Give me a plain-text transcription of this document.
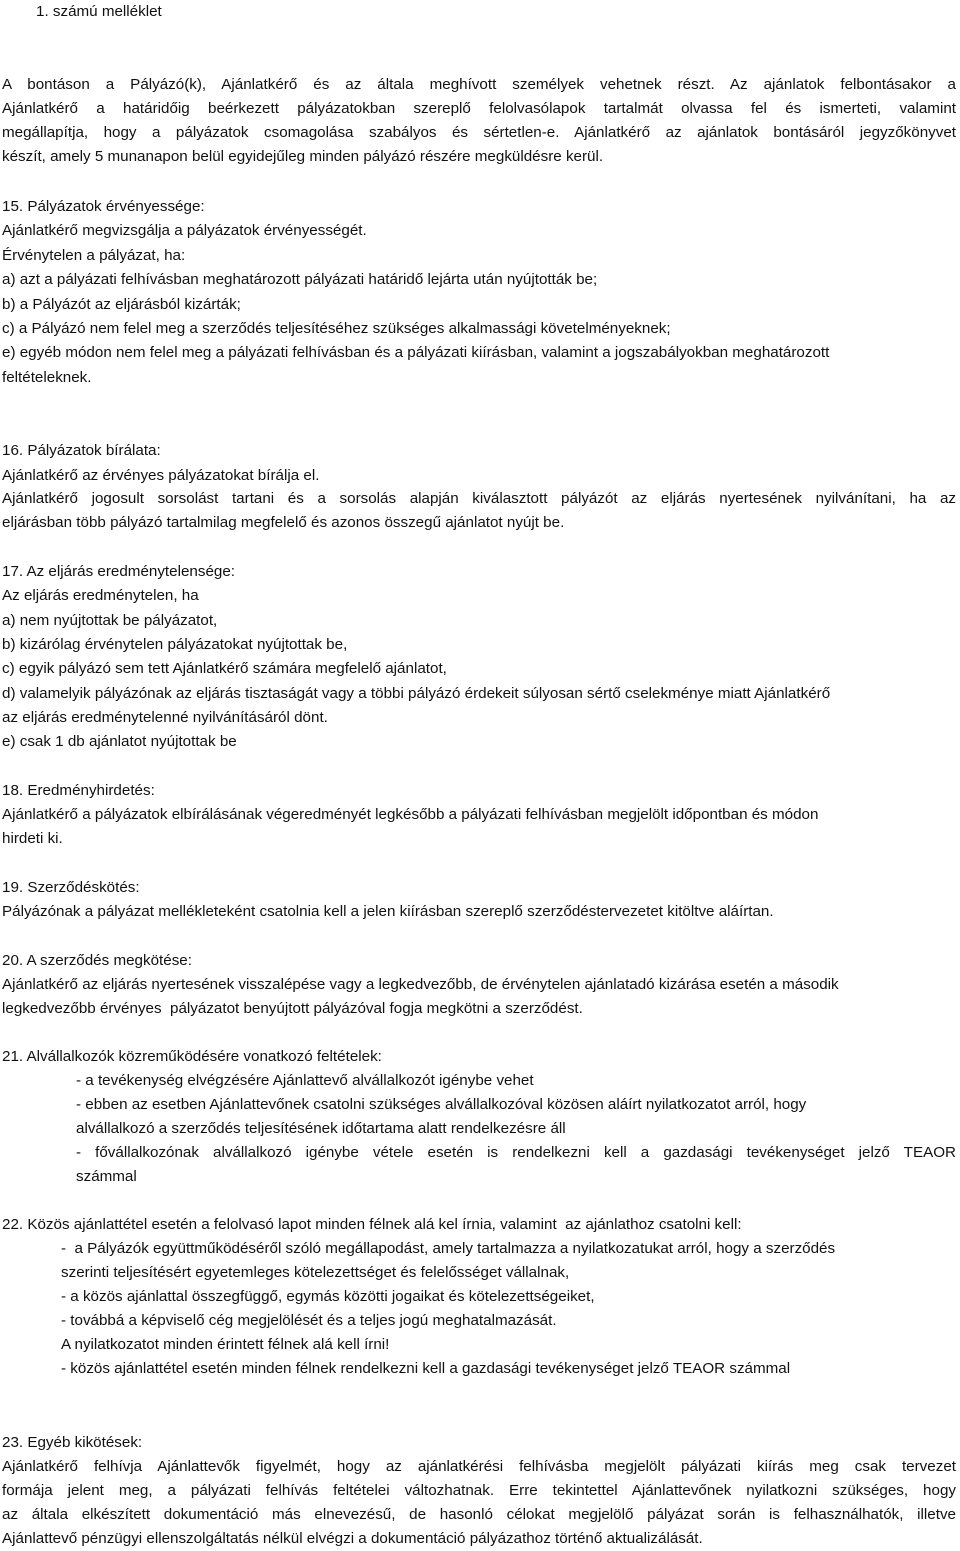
1. számú melléklet
A bontáson a Pályázó(k), Ajánlatkérő és az általa meghívott személyek vehetnek részt. Az ajánlatok felbontásakor a
Ajánlatkérő a határidőig beérkezett pályázatokban szereplő felolvasólapok tartalmát olvassa fel és ismerteti, valamint
megállapítja, hogy a pályázatok csomagolása szabályos és sértetlen-e. Ajánlatkérő az ajánlatok bontásáról jegyzőkönyvet
készít, amely 5 munanapon belül egyidejűleg minden pályázó részére megküldésre kerül.
15. Pályázatok érvényessége:
Ajánlatkérő megvizsgálja a pályázatok érvényességét.
Érvénytelen a pályázat, ha:
a) azt a pályázati felhívásban meghatározott pályázati határidő lejárta után nyújtották be;
b) a Pályázót az eljárásból kizárták;
c) a Pályázó nem felel meg a szerződés teljesítéséhez szükséges alkalmassági követelményeknek;
e) egyéb módon nem felel meg a pályázati felhívásban és a pályázati kiírásban, valamint a jogszabályokban meghatározott
feltételeknek.
16. Pályázatok bírálata:
Ajánlatkérő az érvényes pályázatokat bírálja el.
Ajánlatkérő jogosult sorsolást tartani és a sorsolás alapján kiválasztott pályázót az eljárás nyertesének nyilvánítani, ha az
eljárásban több pályázó tartalmilag megfelelő és azonos összegű ajánlatot nyújt be.
17. Az eljárás eredménytelensége:
Az eljárás eredménytelen, ha
a) nem nyújtottak be pályázatot,
b) kizárólag érvénytelen pályázatokat nyújtottak be,
c) egyik pályázó sem tett Ajánlatkérő számára megfelelő ajánlatot,
d) valamelyik pályázónak az eljárás tisztaságát vagy a többi pályázó érdekeit súlyosan sértő cselekménye miatt Ajánlatkérő
az eljárás eredménytelenné nyilvánításáról dönt.
e) csak 1 db ajánlatot nyújtottak be
18. Eredményhirdetés:
Ajánlatkérő a pályázatok elbírálásának végeredményét legkésőbb a pályázati felhívásban megjelölt időpontban és módon
hirdeti ki.
19. Szerződéskötés:
Pályázónak a pályázat mellékleteként csatolnia kell a jelen kiírásban szereplő szerződéstervezetet kitöltve aláírtan.
20. A szerződés megkötése:
Ajánlatkérő az eljárás nyertesének visszalépése vagy a legkedvezőbb, de érvénytelen ajánlatadó kizárása esetén a második
legkedvezőbb érvényes  pályázatot benyújtott pályázóval fogja megkötni a szerződést.
21. Alvállalkozók közreműködésére vonatkozó feltételek:
- a tevékenység elvégzésére Ajánlattevő alvállalkozót igénybe vehet
- ebben az esetben Ajánlattevőnek csatolni szükséges alvállalkozóval közösen aláírt nyilatkozatot arról, hogy
alvállalkozó a szerződés teljesítésének időtartama alatt rendelkezésre áll
- fővállalkozónak alvállalkozó igénybe vétele esetén is rendelkezni kell a gazdasági tevékenységet jelző TEAOR
számmal
22. Közös ajánlattétel esetén a felolvasó lapot minden félnek alá kel írnia, valamint  az ajánlathoz csatolni kell:
-  a Pályázók együttműködéséről szóló megállapodást, amely tartalmazza a nyilatkozatukat arról, hogy a szerződés
szerinti teljesítésért egyetemleges kötelezettséget és felelősséget vállalnak,
- a közös ajánlattal összegfüggő, egymás közötti jogaikat és kötelezettségeiket,
- továbbá a képviselő cég megjelölését és a teljes jogú meghatalmazását.
A nyilatkozatot minden érintett félnek alá kell írni!
- közös ajánlattétel esetén minden félnek rendelkezni kell a gazdasági tevékenységet jelző TEAOR számmal
23. Egyéb kikötések:
Ajánlatkérő felhívja Ajánlattevők figyelmét, hogy az ajánlatkérési felhívásba megjelölt pályázati kiírás meg csak tervezet
formája jelent meg, a pályázati felhívás feltételei változhatnak. Erre tekintettel Ajánlattevőnek nyilatkozni szükséges, hogy
az általa elkészített dokumentáció más elnevezésű, de hasonló célokat megjelölő pályázat során is felhasználhatók, illetve
Ajánlattevő pénzügyi ellenszolgáltatás nélkül elvégzi a dokumentáció pályázathoz történő aktualizálását.
